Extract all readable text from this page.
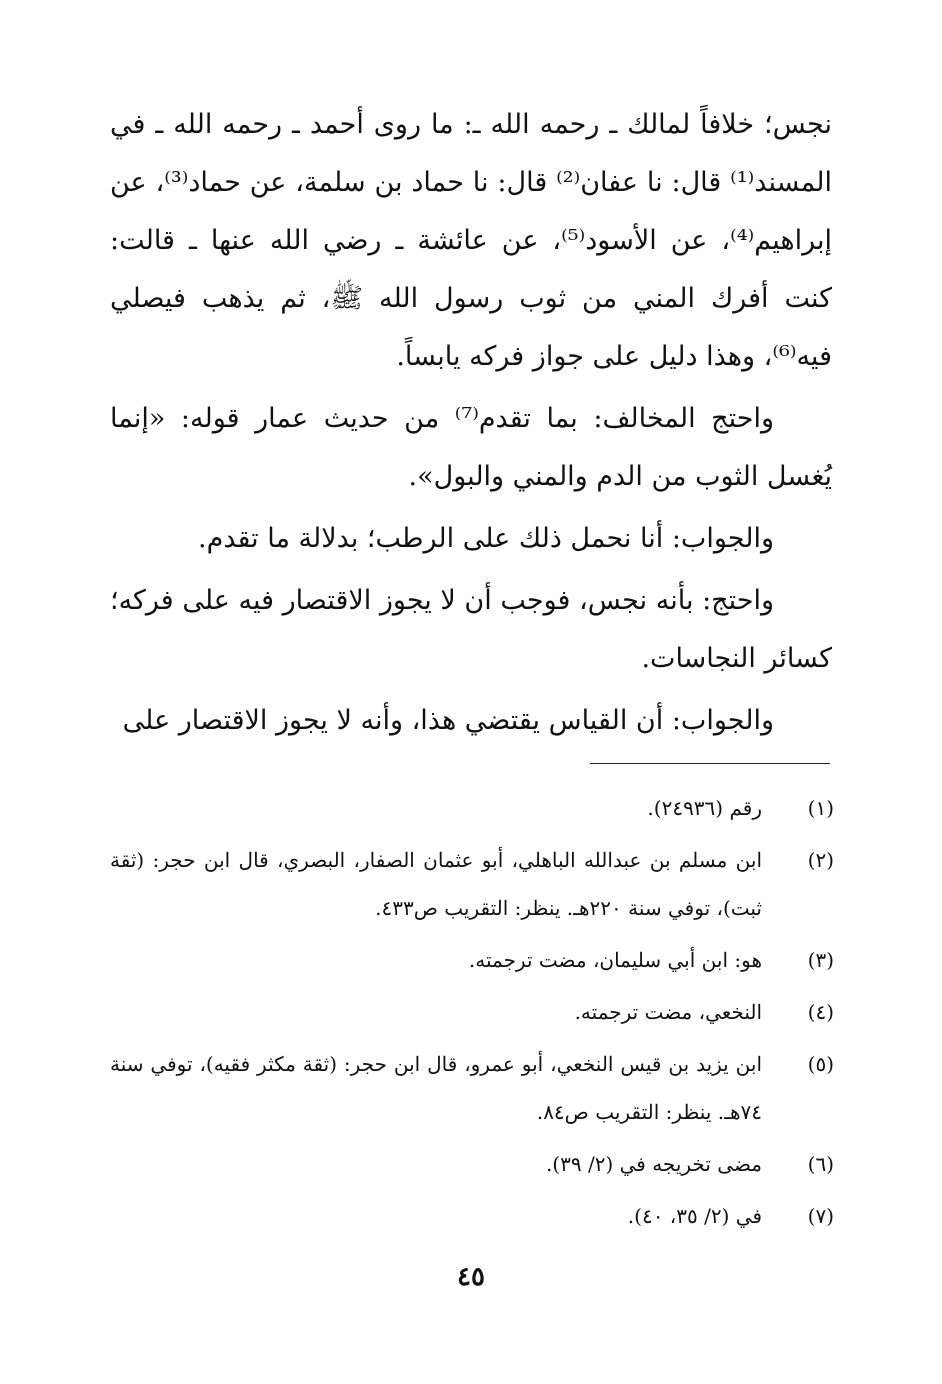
نجس؛ خلافاً لمالك ـ رحمه الله ـ: ما روى أحمد ـ رحمه الله ـ في المسند⁽¹⁾ قال: نا عفان⁽²⁾ قال: نا حماد بن سلمة، عن حماد⁽³⁾، عن إبراهيم⁽⁴⁾، عن الأسود⁽⁵⁾، عن عائشة ـ رضي الله عنها ـ قالت: كنت أفرك المني من ثوب رسول الله ﷺ، ثم يذهب فيصلي فيه⁽⁶⁾، وهذا دليل على جواز فركه يابساً.

واحتج المخالف: بما تقدم⁽⁷⁾ من حديث عمار قوله: «إنما يُغسل الثوب من الدم والمني والبول».

والجواب: أنا نحمل ذلك على الرطب؛ بدلالة ما تقدم.

واحتج: بأنه نجس، فوجب أن لا يجوز الاقتصار فيه على فركه؛ كسائر النجاسات.

والجواب: أن القياس يقتضي هذا، وأنه لا يجوز الاقتصار على

(١)
رقم (٢٤٩٣٦).
(٢)
ابن مسلم بن عبدالله الباهلي، أبو عثمان الصفار، البصري، قال ابن حجر: (ثقة ثبت)، توفي سنة ٢٢٠هـ. ينظر: التقريب ص٤٣٣.
(٣)
هو: ابن أبي سليمان، مضت ترجمته.
(٤)
النخعي، مضت ترجمته.
(٥)
ابن يزيد بن قيس النخعي، أبو عمرو، قال ابن حجر: (ثقة مكثر فقيه)، توفي سنة ٧٤هـ. ينظر: التقريب ص٨٤.
(٦)
مضى تخريجه في (٢/ ٣٩).
(٧)
في (٢/ ٣٥، ٤٠).
٤٥
